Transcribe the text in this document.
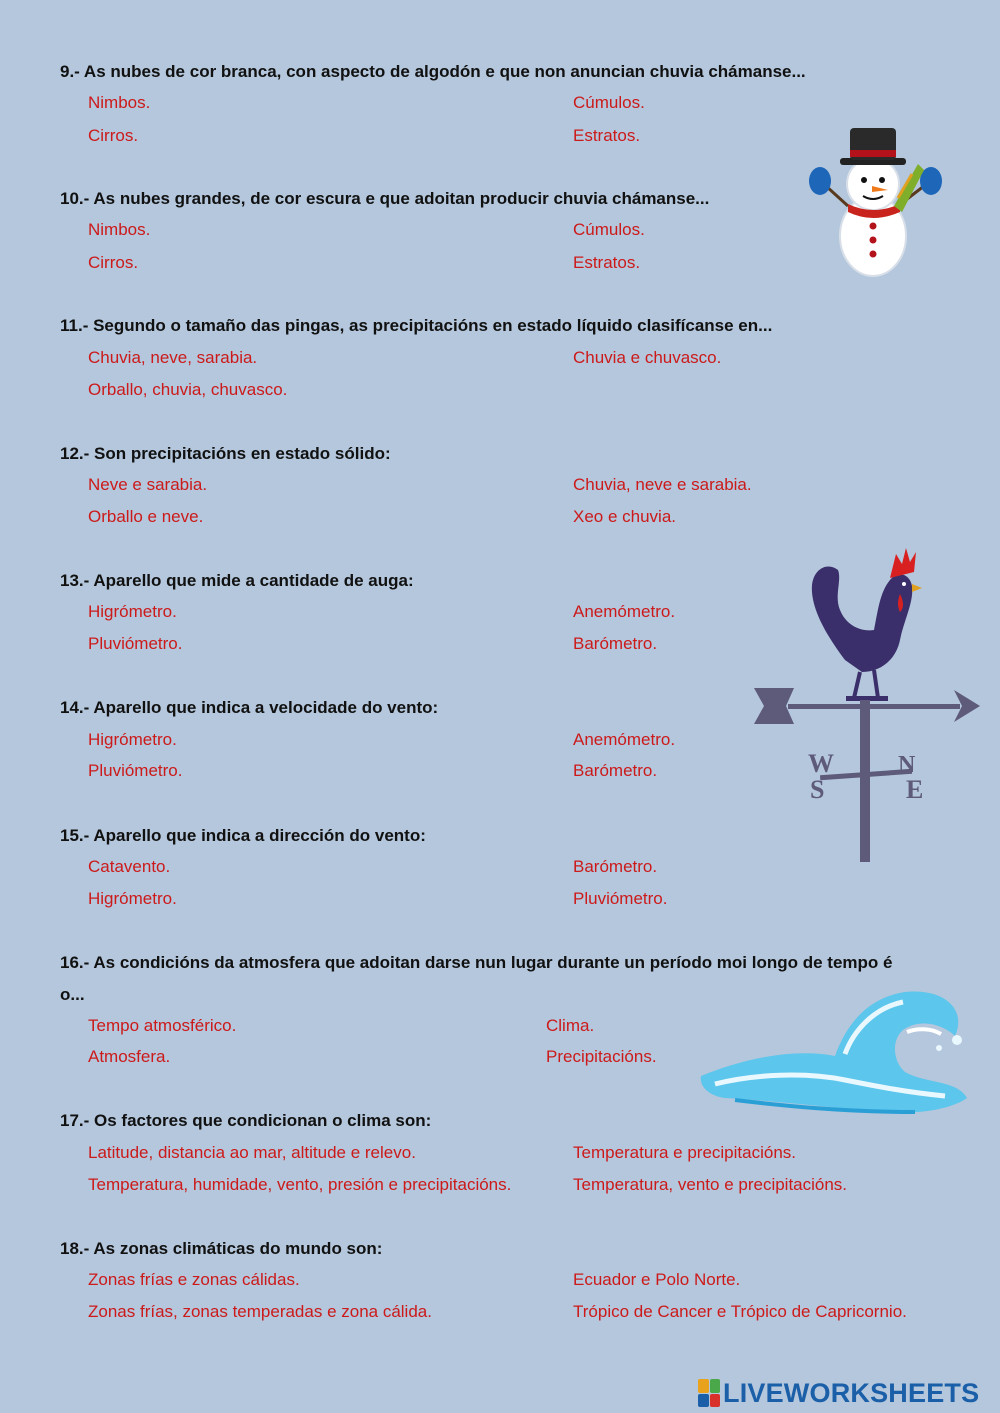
9.- As nubes de cor branca, con aspecto de algodón e que non anuncian chuvia chámanse...
Nimbos.	Cúmulos.
Cirros.	Estratos.
10.- As nubes grandes, de cor escura e que adoitan producir chuvia chámanse...
Nimbos.	Cúmulos.
Cirros.	Estratos.
11.- Segundo o tamaño das pingas, as precipitacións en estado líquido clasifícanse en...
Chuvia, neve, sarabia.	Chuvia e chuvasco.
Orballo, chuvia, chuvasco.
12.- Son precipitacións en estado sólido:
Neve e sarabia.	Chuvia, neve e sarabia.
Orballo e neve.	Xeo e chuvia.
13.- Aparello que mide a cantidade de auga:
Higrómetro.	Anemómetro.
Pluviómetro.	Barómetro.
14.- Aparello que indica a velocidade do vento:
Higrómetro.	Anemómetro.
Pluviómetro.	Barómetro.
15.- Aparello que indica a dirección do vento:
Catavento.	Barómetro.
Higrómetro.	Pluviómetro.
16.- As condicións da atmosfera que adoitan darse nun lugar durante un período moi longo de tempo é o...
Tempo atmosférico.	Clima.
Atmosfera.	Precipitacións.
17.- Os factores que condicionan o clima son:
Latitude, distancia ao mar, altitude e relevo.	Temperatura e precipitacións.
Temperatura, humidade, vento, presión e precipitacións.	Temperatura, vento e precipitacións.
18.- As zonas climáticas do mundo son:
Zonas frías e zonas cálidas.	Ecuador e Polo Norte.
Zonas frías, zonas temperadas e zona cálida.	Trópico de Cancer e Trópico de Capricornio.
W
S
N
E
LIVEWORKSHEETS
